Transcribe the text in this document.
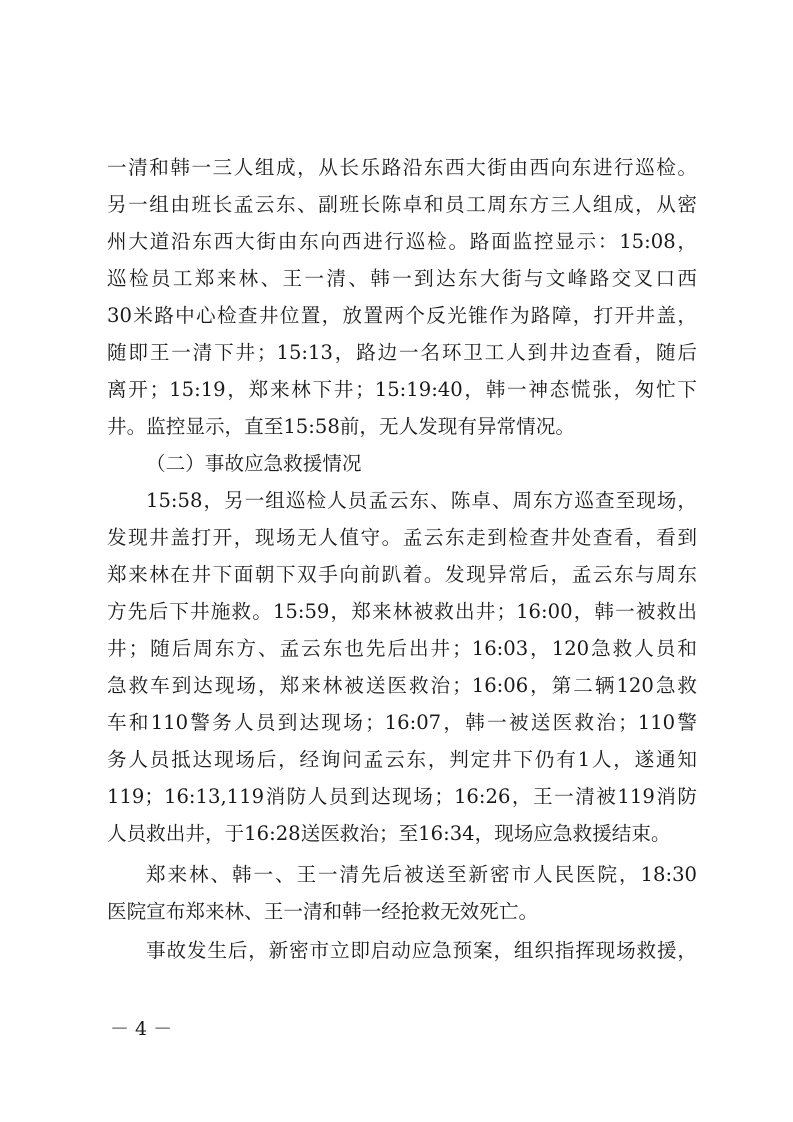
一清和韩一三人组成，从长乐路沿东西大街由西向东进行巡检。
另一组由班长孟云东、副班长陈卓和员工周东方三人组成，从密
州大道沿东西大街由东向西进行巡检。路面监控显示：15:08，
巡检员工郑来林、王一清、韩一到达东大街与文峰路交叉口西
30米路中心检查井位置，放置两个反光锥作为路障，打开井盖，
随即王一清下井；15:13，路边一名环卫工人到井边查看，随后
离开；15:19，郑来林下井；15:19:40，韩一神态慌张，匆忙下
井。监控显示，直至15:58前，无人发现有异常情况。
（二）事故应急救援情况
15:58，另一组巡检人员孟云东、陈卓、周东方巡查至现场，
发现井盖打开，现场无人值守。孟云东走到检查井处查看，看到
郑来林在井下面朝下双手向前趴着。发现异常后，孟云东与周东
方先后下井施救。15:59，郑来林被救出井；16:00，韩一被救出
井；随后周东方、孟云东也先后出井；16:03，120急救人员和
急救车到达现场，郑来林被送医救治；16:06，第二辆120急救
车和110警务人员到达现场；16:07，韩一被送医救治；110警
务人员抵达现场后，经询问孟云东，判定井下仍有1人，遂通知
119；16:13,119消防人员到达现场；16:26，王一清被119消防
人员救出井，于16:28送医救治；至16:34，现场应急救援结束。
郑来林、韩一、王一清先后被送至新密市人民医院，18:30
医院宣布郑来林、王一清和韩一经抢救无效死亡。
事故发生后，新密市立即启动应急预案，组织指挥现场救援，
－ 4 －
